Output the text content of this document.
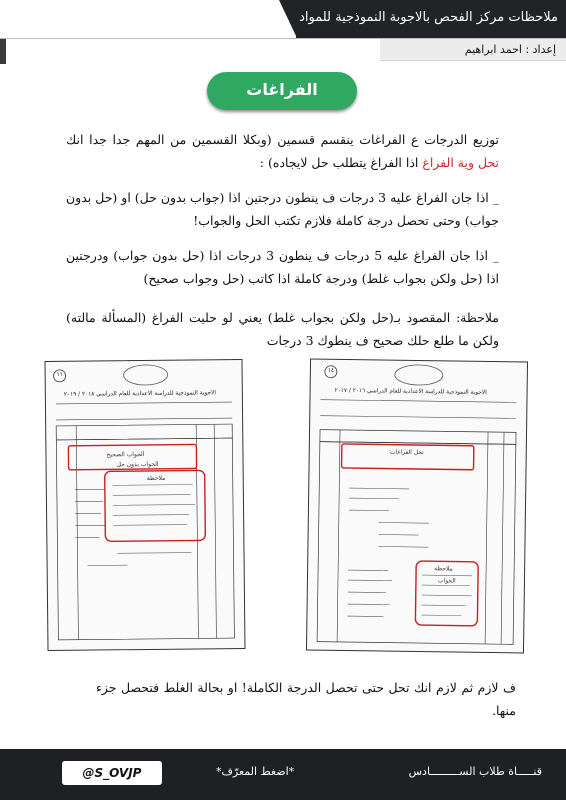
ملاحظات مركز الفحص بالاجوبة النموذجية للمواد
إعداد : احمد ابراهيم
الفراغات
توزيع الدرجات ع الفراغات ينقسم قسمين (وبكلا القسمين من المهم جدا جدا انك تحل وية الفراغ اذا الفراغ يتطلب حل لايجاده) :
_ اذا جان الفراغ عليه 3 درجات ف ينطون درجتين اذا (جواب بدون حل) او (حل بدون جواب) وحتى تحصل درجة كاملة فلازم تكتب الحل والجواب!
_ اذا جان الفراغ عليه 5 درجات ف ينطون 3 درجات اذا (حل بدون جواب) ودرجتين اذا (حل ولكن بجواب غلط) ودرجة كاملة اذا كاتب (حل وجواب صحيح)
ملاحظة: المقصود بـ(حل ولكن بجواب غلط) يعني لو حليت الفراغ (المسألة مالته) ولكن ما طلع حلك صحيح ف ينطوك 3 درجات
الاجوبة النموذجية للدراسة الاعدادية للعام الدراسي ٢٠١٨ / ٢٠١٩
١١
الجواب الصحيح
الجواب بدون حل
ملاحظة
الاجوبة النموذجية للدراسة الاعدادية للعام الدراسي ٢٠١٦ / ٢٠١٧
١٤
تحل الفراغات
ملاحظة
الجواب
ف لازم ثم لازم انك تحل حتى تحصل الدرجة الكاملة! او بحالة الغلط فتحصل جزء منها.
@S_OVJP	*اضغط المعرّف*	قنـــــاة طلاب الســـــــــادس
